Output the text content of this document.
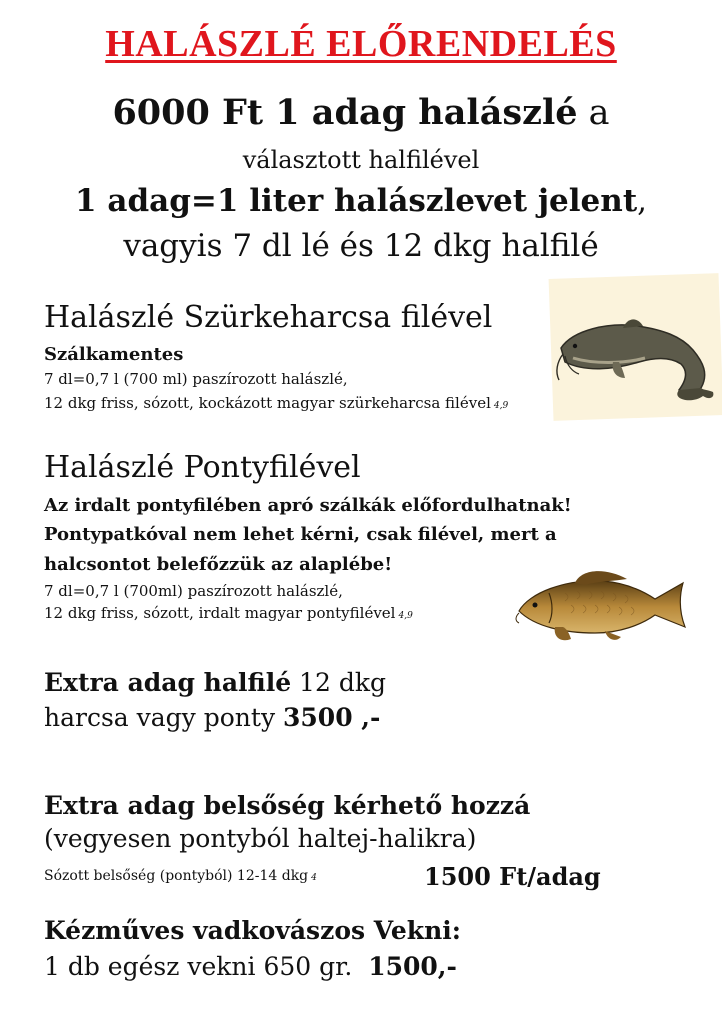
HALÁSZLÉ ELŐRENDELÉS
6000 Ft 1 adag halászlé a
választott halfilével
1 adag=1 liter halászlevet jelent,
vagyis 7 dl lé és 12 dkg halfilé
Halászlé Szürkeharcsa filével
Szálkamentes
7 dl=0,7 l (700 ml) paszírozott halászlé,
12 dkg friss, sózott, kockázott magyar szürkeharcsa filével 4,9
Halászlé Pontyfilével
Az irdalt pontyfilében apró szálkák előfordulhatnak!
Pontypatkóval nem lehet kérni, csak filével, mert a
halcsontot belefőzzük az alaplébe!
7 dl=0,7 l (700ml) paszírozott halászlé,
12 dkg friss, sózott, irdalt magyar pontyfilével 4,9
Extra adag halfilé 12 dkg
harcsa vagy ponty 3500 ,-
Extra adag belsőség kérhető hozzá
(vegyesen pontyból haltej-halikra)
Sózott belsőség (pontyból) 12-14 dkg 4	1500 Ft/adag
Kézműves vadkovászos Vekni:
1 db egész vekni 650 gr. 1500,-
